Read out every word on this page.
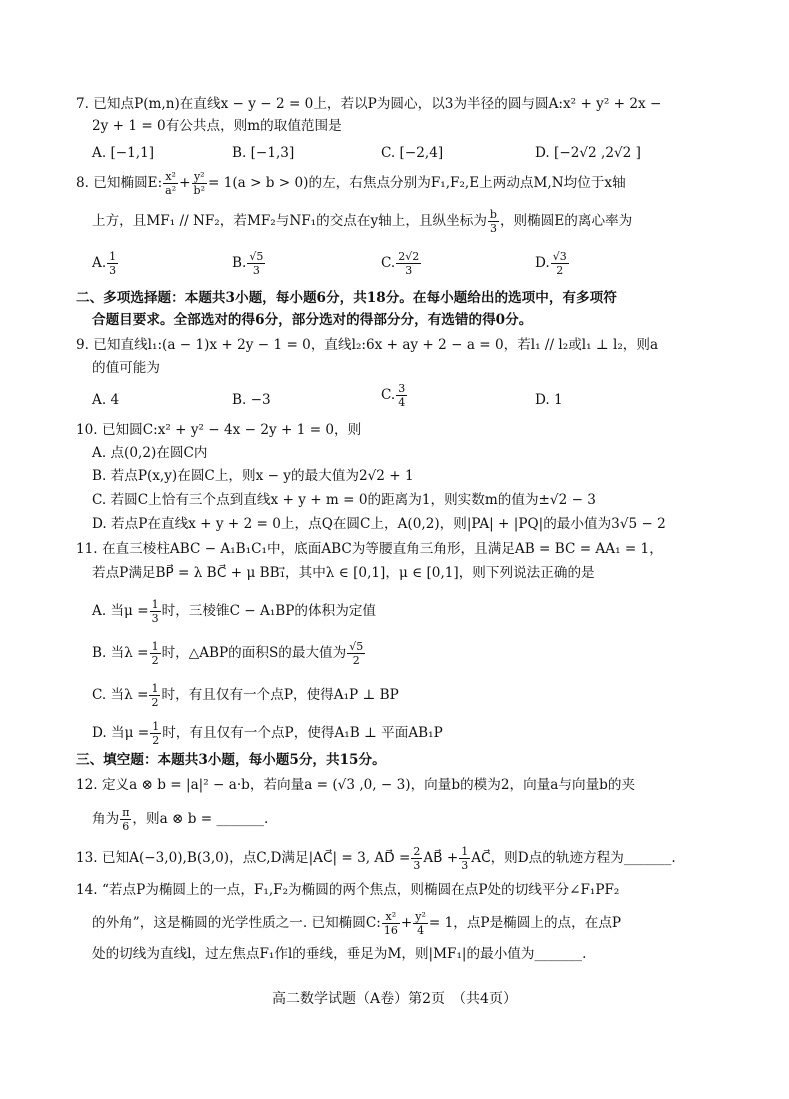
7. 已知点P(m,n)在直线x − y − 2 = 0上，若以P为圆心，以3为半径的圆与圆A:x² + y² + 2x −
2y + 1 = 0有公共点，则m的取值范围是
A. [−1,1]	B. [−1,3]	C. [−2,4]	D. [−2√2 ,2√2 ]
8. 已知椭圆E: $\frac{\text{x²}}{\text{a²}} + \frac{\text{y²}}{\text{b²}} = 1(a > b > 0)$的左，右焦点分别为F₁,F₂,E上两动点M,N均位于x轴
上方，且MF₁ // NF₂，若MF₂与NF₁的交点在y轴上，且纵坐标为 $\frac{b}{3}$ ，则椭圆E的离心率为
A. $\frac{1}{3}$	B. $\frac{√5}{3}$	C. $\frac{2√2}{3}$	D. $\frac{√3}{2}$
二、多项选择题：本题共3小题，每小题6分，共18分。在每小题给出的选项中，有多项符
合题目要求。全部选对的得6分，部分选对的得部分分，有选错的得0分。
9. 已知直线l₁:(a − 1)x + 2y − 1 = 0，直线l₂:6x + ay + 2 − a = 0，若l₁ // l₂或l₁ ⊥ l₂，则a
的值可能为
A. 4	B. −3	C. $\frac{3}{4}$	D. 1
10. 已知圆C:x² + y² − 4x − 2y + 1 = 0，则
A. 点(0,2)在圆C内
B. 若点P(x,y)在圆C上，则x − y的最大值为2√2 + 1
C. 若圆C上恰有三个点到直线x + y + m = 0的距离为1，则实数m的值为±√2 − 3
D. 若点P在直线x + y + 2 = 0上，点Q在圆C上，A(0,2)，则|PA| + |PQ|的最小值为3√5 − 2
11. 在直三棱柱ABC − A₁B₁C₁中，底面ABC为等腰直角三角形，且满足AB = BC = AA₁ = 1，
若点P满足BP⃗ = λ BC⃗ + μ BB₁⃗，其中λ ∈ [0,1]，μ ∈ [0,1]，则下列说法正确的是
A. 当$\mu = \frac{1}{3}$ 时，三棱锥C − A₁BP的体积为定值
B. 当$\lambda = \frac{1}{2}$ 时，△ABP的面积S的最大值为 $\frac{√5}{2}$
C. 当$\lambda = \frac{1}{2}$ 时，有且仅有一个点P，使得A₁P ⊥ BP
D. 当$\mu = \frac{1}{2}$ 时，有且仅有一个点P，使得A₁B ⊥ 平面AB₁P
三、填空题：本题共3小题，每小题5分，共15分。
12. 定义a ⊗ b = |a|² − a·b，若向量a = (√3 ,0, − 3)，向量b的模为2，向量a与向量b的夹
角为 $\frac{\pi}{6}$ ，则a ⊗ b = _______.
13. 已知A(−3,0),B(3,0)，点C,D满足|AC⃗| = 3, AD⃗ = $\frac{2}{3}$ AB⃗ + $\frac{1}{3}$ AC⃗，则D点的轨迹方程为_______.
14. “若点P为椭圆上的一点，F₁,F₂为椭圆的两个焦点，则椭圆在点P处的切线平分∠F₁PF₂
的外角”，这是椭圆的光学性质之一. 已知椭圆C: $\frac{\text{x²}}{16} + \frac{\text{y²}}{4} = 1$，点P是椭圆上的点，在点P
处的切线为直线l，过左焦点F₁作l的垂线，垂足为M，则|MF₁|的最小值为_______.
高二数学试题（A卷）第2页　（共4页）
